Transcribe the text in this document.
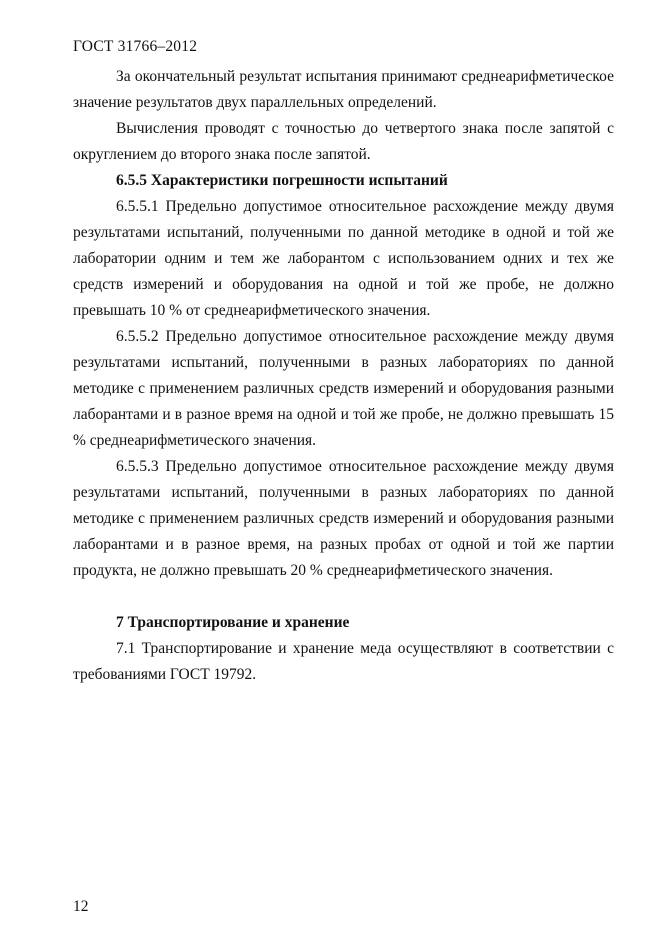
ГОСТ 31766–2012

За окончательный результат испытания принимают среднеарифметическое значение результатов двух параллельных определений.

Вычисления проводят с точностью до четвертого знака после запятой с округлением до второго знака после запятой.

6.5.5 Характеристики погрешности испытаний

6.5.5.1 Предельно допустимое относительное расхождение между двумя результатами испытаний, полученными по данной методике в одной и той же лаборатории одним и тем же лаборантом с использованием одних и тех же средств измерений и оборудования на одной и той же пробе, не должно превышать 10 % от среднеарифметического значения.

6.5.5.2 Предельно допустимое относительное расхождение между двумя результатами испытаний, полученными в разных лабораториях по данной методике с применением различных средств измерений и оборудования разными лаборантами и в разное время на одной и той же пробе, не должно превышать 15 % среднеарифметического значения.

6.5.5.3 Предельно допустимое относительное расхождение между двумя результатами испытаний, полученными в разных лабораториях по данной методике с применением различных средств измерений и оборудования разными лаборантами и в разное время, на разных пробах от одной и той же партии продукта, не должно превышать 20 % среднеарифметического значения.

7 Транспортирование и хранение

7.1 Транспортирование и хранение меда осуществляют в соответствии с требованиями ГОСТ 19792.

12
